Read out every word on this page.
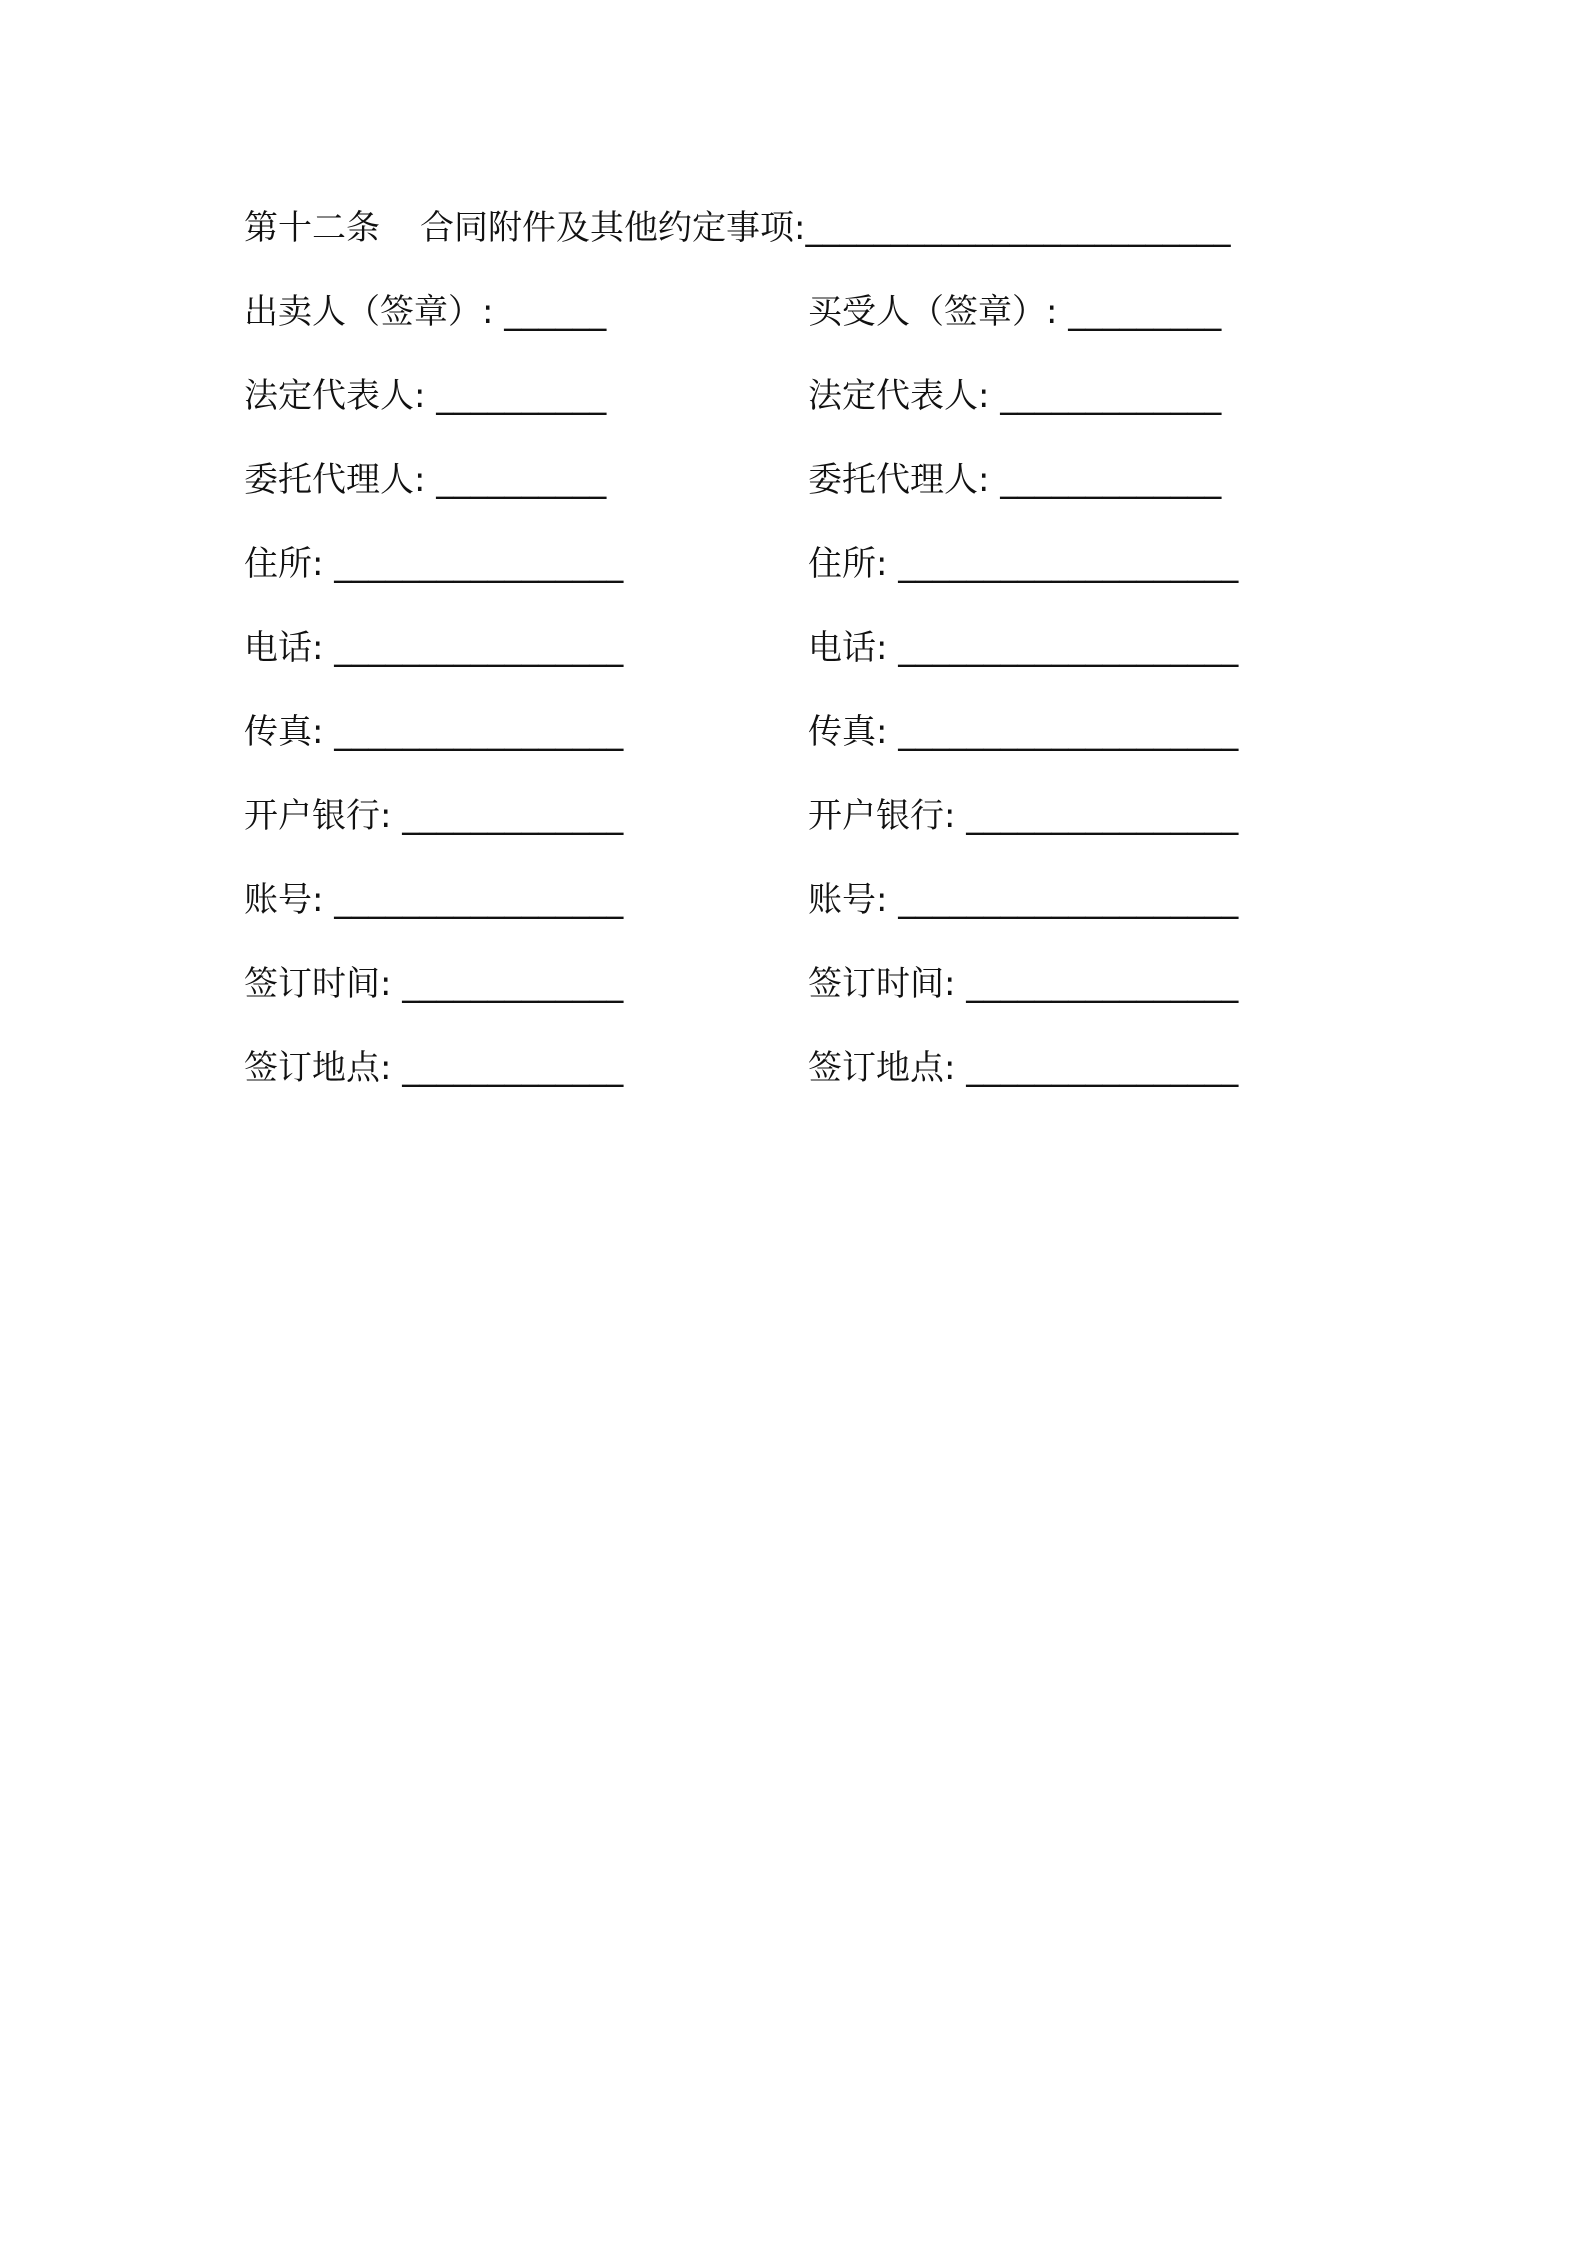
第十二条 合同附件及其他约定事项: _________________________
出卖人（签章）: ______	买受人（签章）: _________
法定代表人: __________	法定代表人: _____________
委托代理人: __________	委托代理人: _____________
住所: _________________	住所: ____________________
电话: _________________	电话: ____________________
传真: _________________	传真: ____________________
开户银行: _____________	开户银行: ________________
账号: _________________	账号: ____________________
签订时间: _____________	签订时间: ________________
签订地点: _____________	签订地点: ________________
